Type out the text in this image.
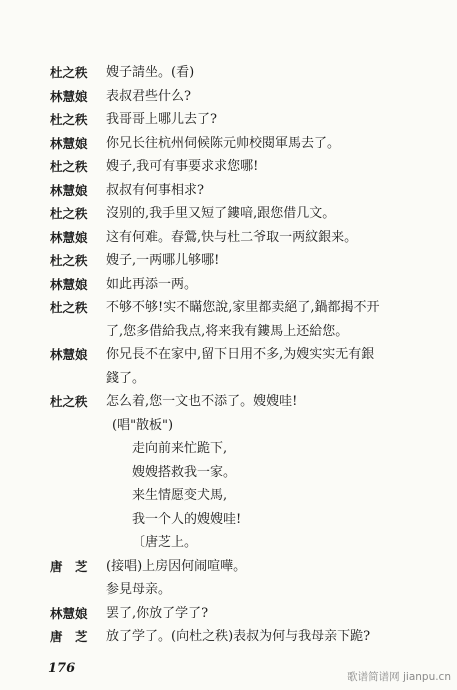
杜之秩	嫂子請坐。(看)
林慧娘	表叔君些什么?
杜之秩	我哥哥上哪儿去了?
林慧娘	你兄长往杭州伺候陈元帅校閱軍馬去了。
杜之秩	嫂子,我可有事要求求您哪!
林慧娘	叔叔有何事相求?
杜之秩	沒别的,我手里又短了鏤喑,跟您借几文。
林慧娘	这有何难。春鶯,快与杜二爷取一两紋銀来。
杜之秩	嫂子,一两哪儿够哪!
林慧娘	如此再添一两。
杜之秩	不够不够!实不瞞您說,家里都卖絕了,鍋都揭不开
了,您多借給我点,将来我有鏤馬上还給您。
林慧娘	你兄長不在家中,留下日用不多,为嫂实实无有銀
錢了。
杜之秩	怎么着,您一文也不添了。嫂嫂哇!
(唱"散板")
走向前来忙跪下,
嫂嫂搭救我一家。
来生情愿变犬馬,
我一个人的嫂嫂哇!
〔唐芝上。
唐　芝	(接唱)上房因何闹喧嘩。
参見母亲。
林慧娘	罢了,你放了学了?
唐　芝	放了学了。(向杜之秩)表叔为何与我母亲下跪?
176
歌谱简谱网 jianpu.cn
